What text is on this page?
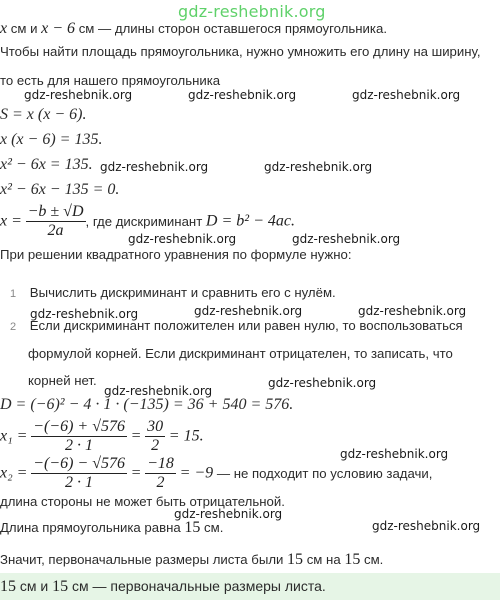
gdz-reshebnik.org
x см и x − 6 см — длины сторон оставшегося прямоугольника.
Чтобы найти площадь прямоугольника, нужно умножить его длину на ширину,
то есть для нашего прямоугольника
gdz-reshebnik.org	gdz-reshebnik.org	gdz-reshebnik.org
S = x (x − 6).
x (x − 6) = 135.
x² − 6x = 135. gdz-reshebnik.org	gdz-reshebnik.org
x² − 6x − 135 = 0.
$x = \frac{-b \pm √D}{2a}$ , где дискриминант D = b² − 4ac.
gdz-reshebnik.org	gdz-reshebnik.org
При решении квадратного уравнения по формуле нужно:
1 Вычислить дискриминант и сравнить его с нулём.
gdz-reshebnik.org	gdz-reshebnik.org	gdz-reshebnik.org
2 Если дискриминант положителен или равен нулю, то воспользоваться
формулой корней. Если дискриминант отрицателен, то записать, что
корней нет.
gdz-reshebnik.org
gdz-reshebnik.org
D = (−6)² − 4 · 1 · (−135) = 36 + 540 = 576.
$x_1 = \frac{-(-6) + √576}{2 \cdot 1} = \frac{30}{2} = 15$.
gdz-reshebnik.org
$x_2 = \frac{-(-6) - √576}{2 \cdot 1} = \frac{-18}{2} = -9$ — не подходит по условию задачи,
длина стороны не может быть отрицательной.
gdz-reshebnik.org
Длина прямоугольника равна 15 см.	gdz-reshebnik.org
Значит, первоначальные размеры листа были 15 см на 15 см.
15 см и 15 см — первоначальные размеры листа.
